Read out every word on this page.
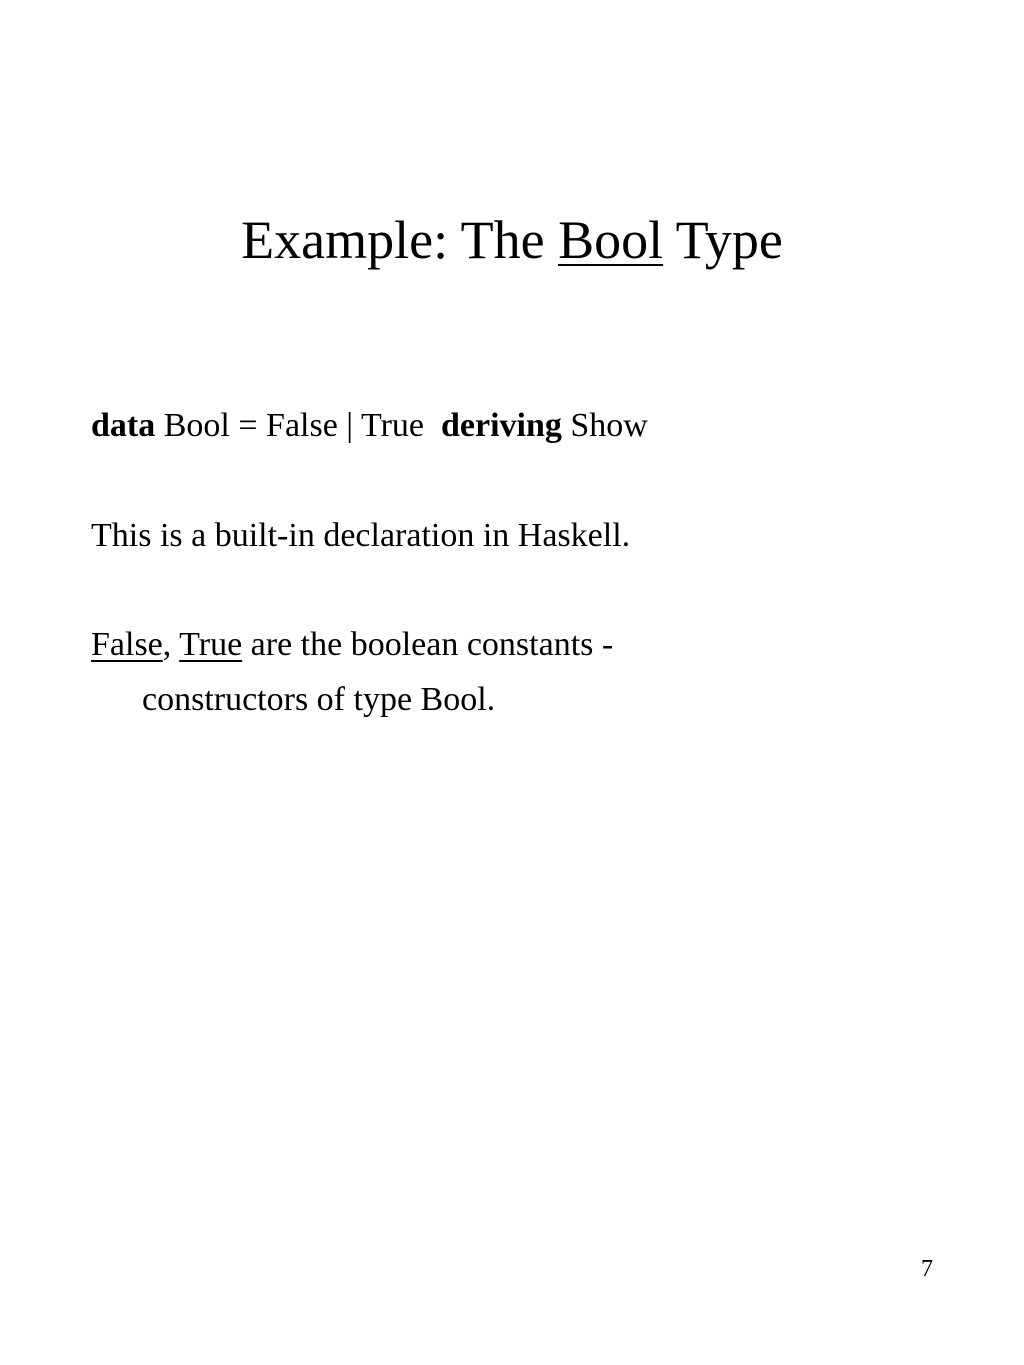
Example: The Bool Type
data Bool = False | True  deriving Show
This is a built-in declaration in Haskell.
False, True are the boolean constants -
constructors of type Bool.
7
